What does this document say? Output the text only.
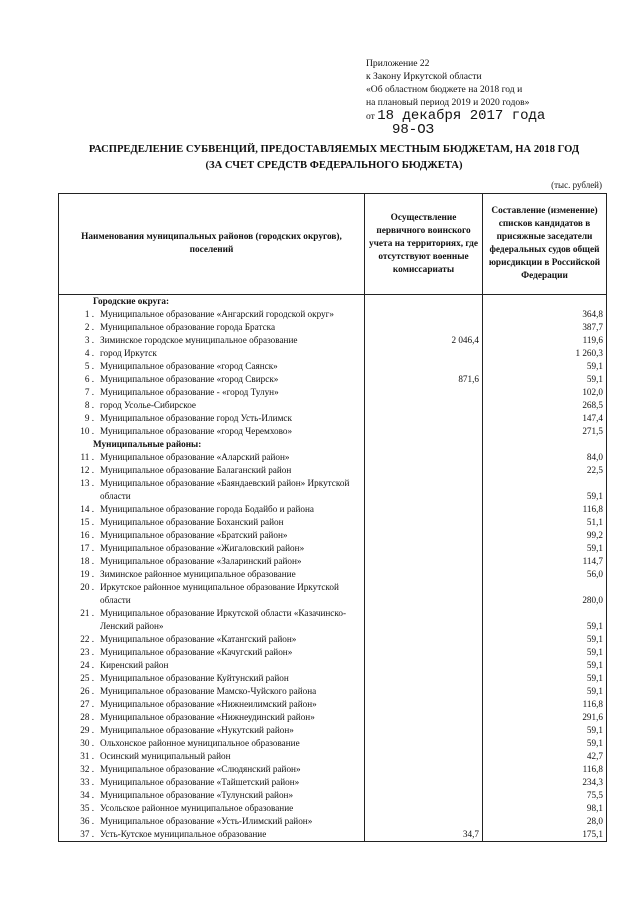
Приложение 22
к Закону Иркутской области
«Об областном бюджете на 2018 год и
на плановый период 2019 и 2020 годов»
от 18 декабря 2017 года
98-ОЗ
РАСПРЕДЕЛЕНИЕ СУБВЕНЦИЙ, ПРЕДОСТАВЛЯЕМЫХ МЕСТНЫМ БЮДЖЕТАМ, НА 2018 ГОД
(ЗА СЧЕТ СРЕДСТВ ФЕДЕРАЛЬНОГО БЮДЖЕТА)
(тыс. рублей)
Наименования муниципальных районов (городских округов), поселений	Осуществление первичного воинского учета на территориях, где отсутствуют военные комиссариаты	Составление (изменение) списков кандидатов в присяжные заседатели федеральных судов общей юрисдикции в Российской Федерации
Городские округа:		

1 . Муниципальное образование «Ангарский городской округ»		364,8

2 . Муниципальное образование города Братска		387,7

3 . Зиминское городское муниципальное образование	2 046,4	119,6

4 . город Иркутск		1 260,3

5 . Муниципальное образование «город Саянск»		59,1

6 . Муниципальное образование «город Свирск»	871,6	59,1

7 . Муниципальное образование - «город Тулун»		102,0

8 . город Усолье-Сибирское		268,5

9 . Муниципальное образование город Усть-Илимск		147,4

10 . Муниципальное образование «город Черемхово»		271,5
Муниципальные районы:		

11 . Муниципальное образование «Аларский район»		84,0

12 . Муниципальное образование Балаганский район		22,5

13 . Муниципальное образование «Баяндаевский район» Иркутской области		59,1

14 . Муниципальное образование города Бодайбо и района		116,8

15 . Муниципальное образование Боханский район		51,1

16 . Муниципальное образование «Братский район»		99,2

17 . Муниципальное образование «Жигаловский район»		59,1

18 . Муниципальное образование «Заларинский район»		114,7

19 . Зиминское районное муниципальное образование		56,0

20 . Иркутское районное муниципальное образование Иркутской области		280,0

21 . Муниципальное образование Иркутской области «Казачинско-Ленский район»		59,1

22 . Муниципальное образование «Катангский район»		59,1

23 . Муниципальное образование «Качугский район»		59,1

24 . Киренский район		59,1

25 . Муниципальное образование Куйтунский район		59,1

26 . Муниципальное образование Мамско-Чуйского района		59,1

27 . Муниципальное образование «Нижнеилимский район»		116,8

28 . Муниципальное образование «Нижнеудинский район»		291,6

29 . Муниципальное образование «Нукутский район»		59,1

30 . Ольхонское районное муниципальное образование		59,1

31 . Осинский муниципальный район		42,7

32 . Муниципальное образование «Слюдянский район»		116,8

33 . Муниципальное образование «Тайшетский район»		234,3

34 . Муниципальное образование «Тулунский район»		75,5

35 . Усольское районное муниципальное образование		98,1

36 . Муниципальное образование «Усть-Илимский район»		28,0

37 . Усть-Кутское муниципальное образование	34,7	175,1
